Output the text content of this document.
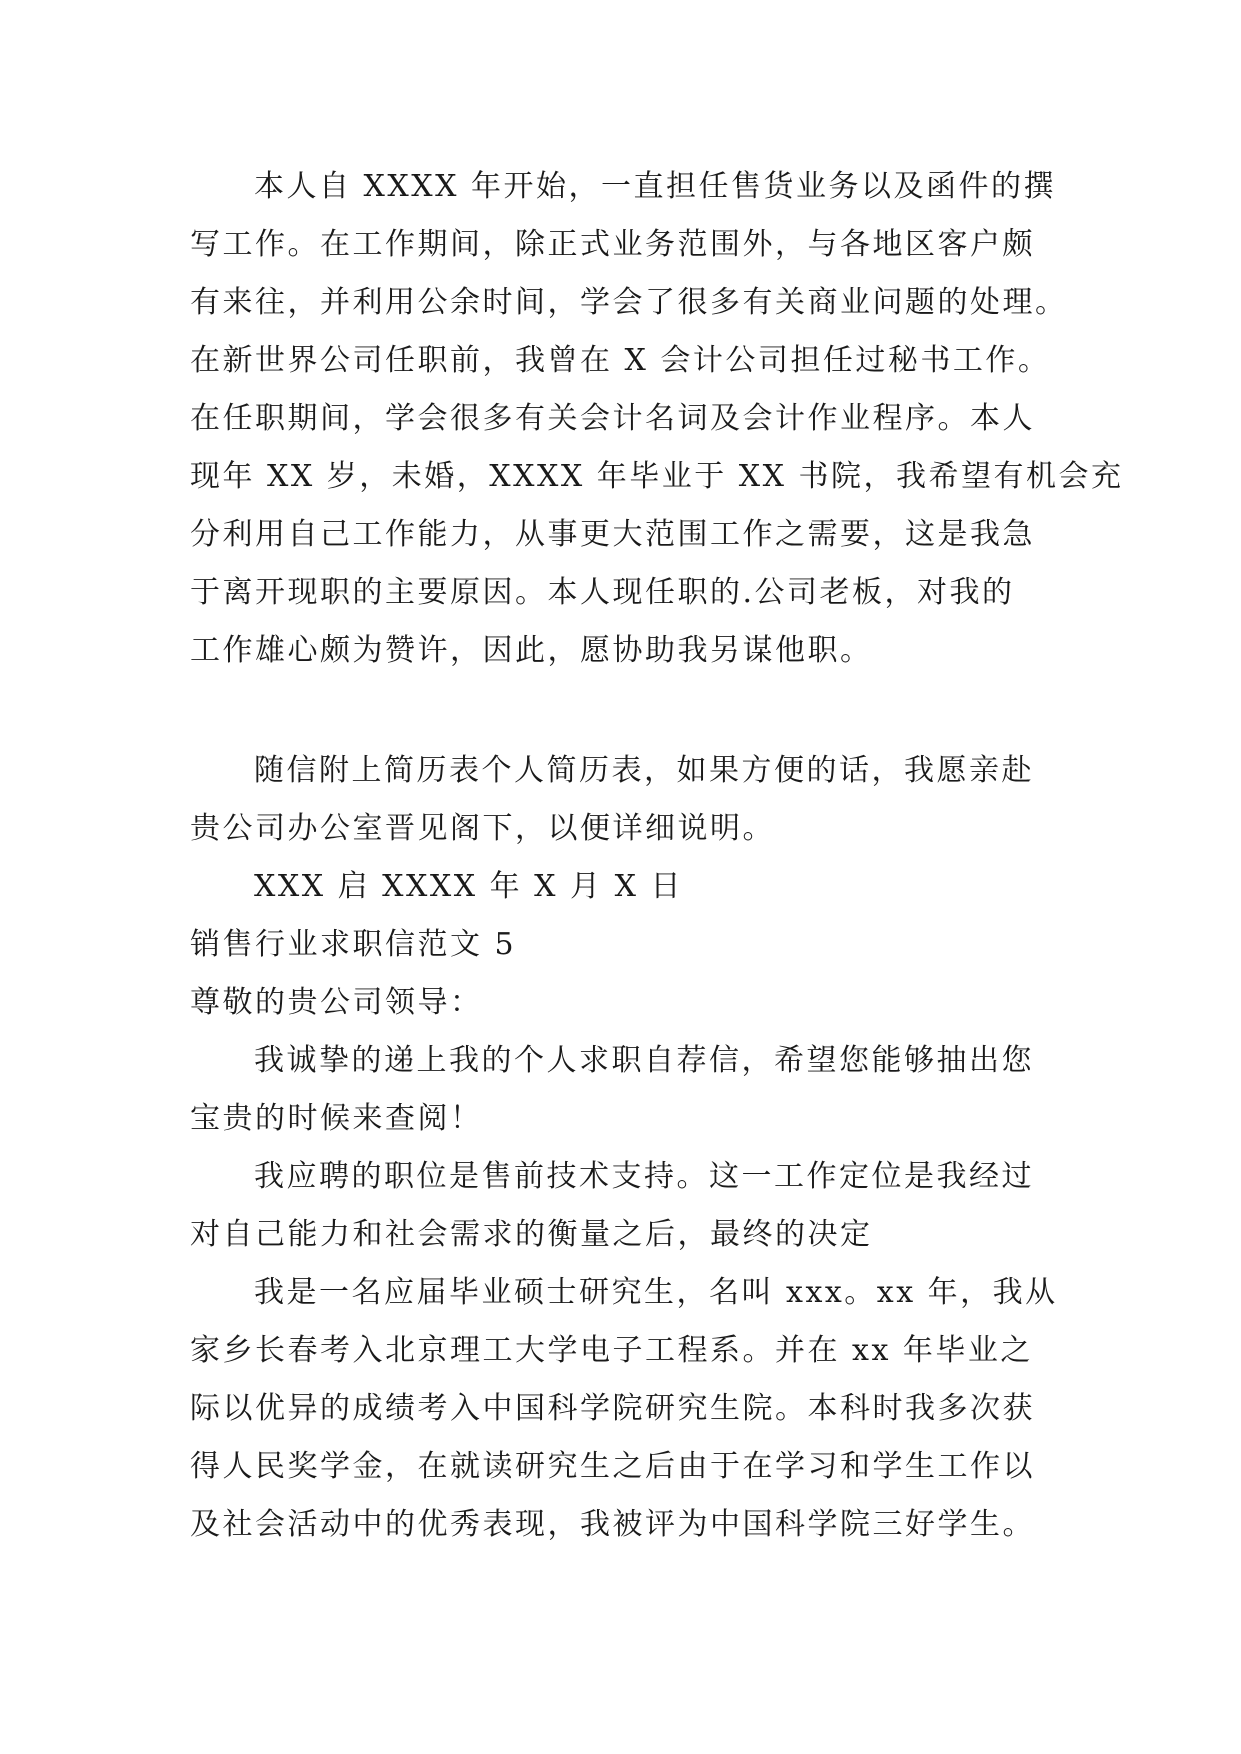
本人自 XXXX 年开始，一直担任售货业务以及函件的撰
写工作。在工作期间，除正式业务范围外，与各地区客户颇
有来往，并利用公余时间，学会了很多有关商业问题的处理。
在新世界公司任职前，我曾在 X 会计公司担任过秘书工作。
在任职期间，学会很多有关会计名词及会计作业程序。本人
现年 XX 岁，未婚，XXXX 年毕业于 XX 书院，我希望有机会充
分利用自己工作能力，从事更大范围工作之需要，这是我急
于离开现职的主要原因。本人现任职的.公司老板，对我的
工作雄心颇为赞许，因此，愿协助我另谋他职。
随信附上简历表个人简历表，如果方便的话，我愿亲赴
贵公司办公室晋见阁下，以便详细说明。
XXX 启 XXXX 年 X 月 X 日
销售行业求职信范文 5
尊敬的贵公司领导：
我诚挚的递上我的个人求职自荐信，希望您能够抽出您
宝贵的时候来查阅！
我应聘的职位是售前技术支持。这一工作定位是我经过
对自己能力和社会需求的衡量之后，最终的决定
我是一名应届毕业硕士研究生，名叫 xxx。xx 年，我从
家乡长春考入北京理工大学电子工程系。并在 xx 年毕业之
际以优异的成绩考入中国科学院研究生院。本科时我多次获
得人民奖学金，在就读研究生之后由于在学习和学生工作以
及社会活动中的优秀表现，我被评为中国科学院三好学生。
